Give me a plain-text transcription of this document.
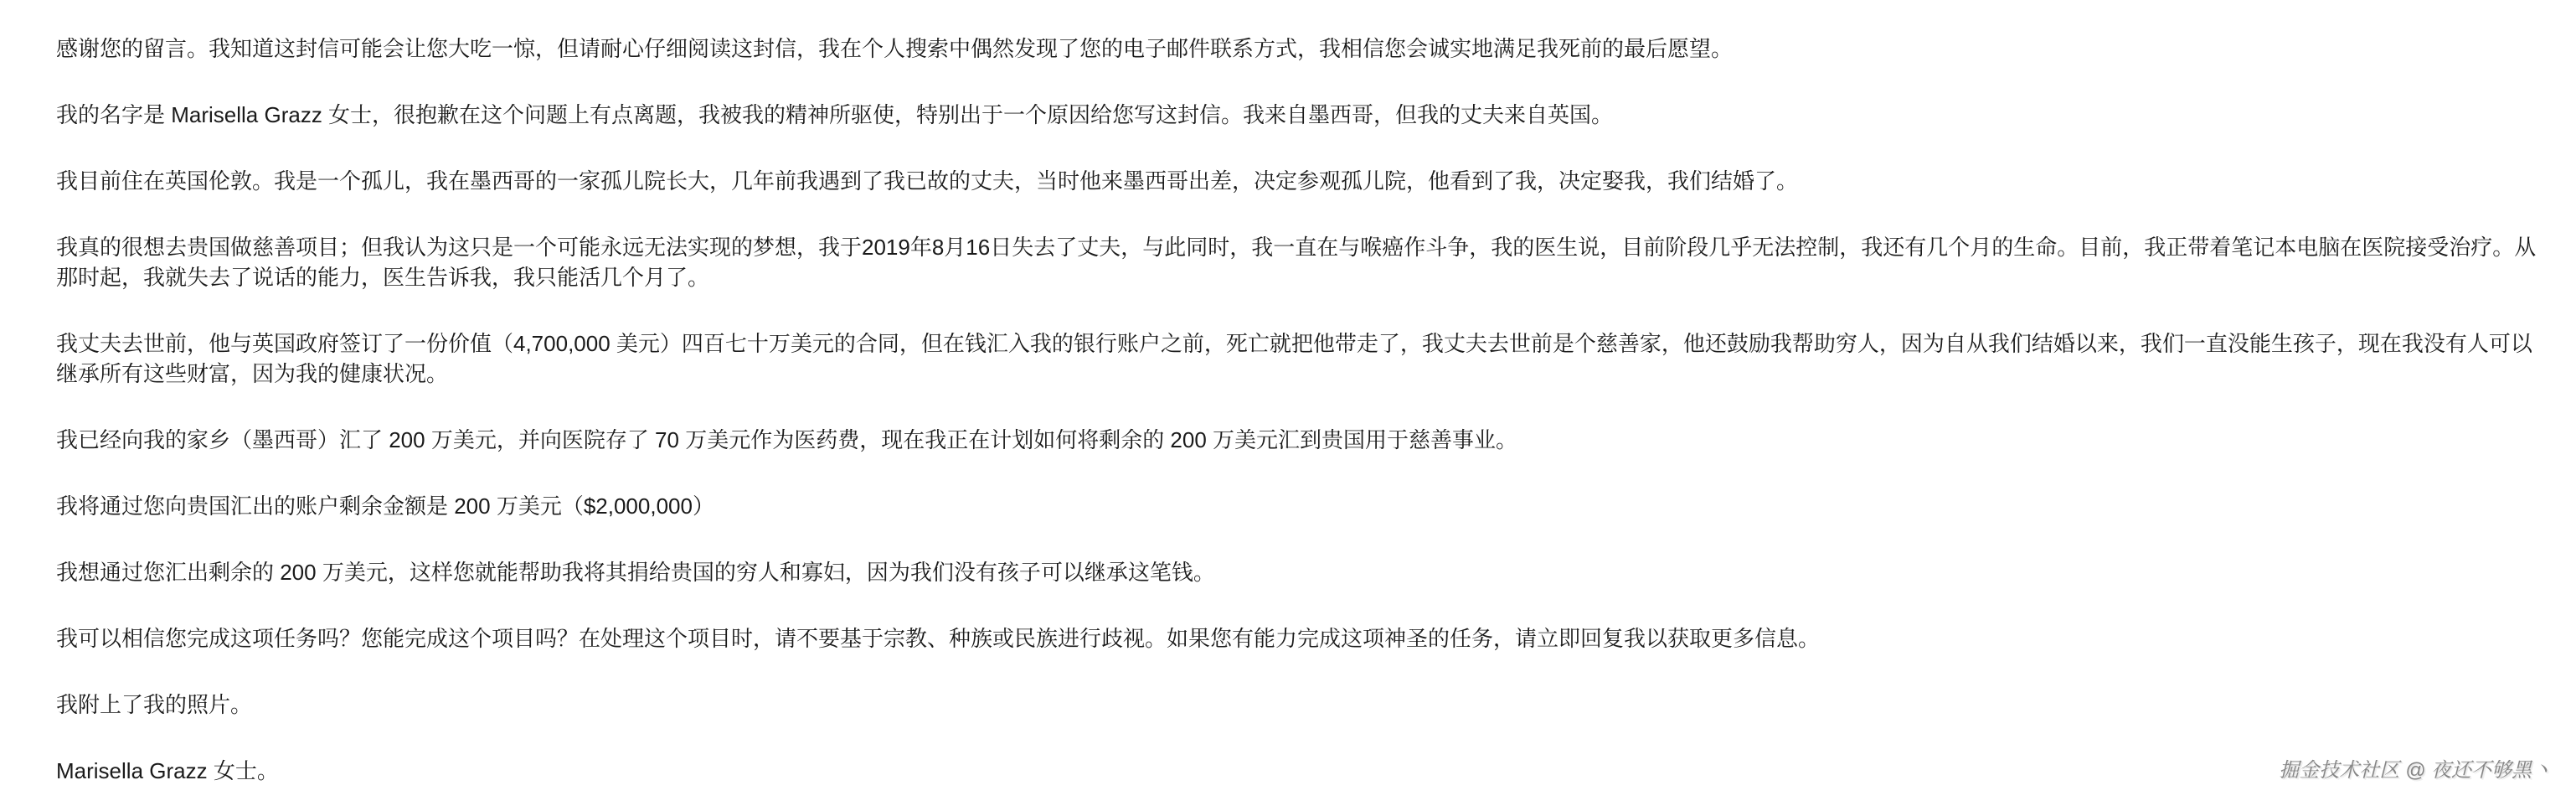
感谢您的留言。我知道这封信可能会让您大吃一惊，但请耐心仔细阅读这封信，我在个人搜索中偶然发现了您的电子邮件联系方式，我相信您会诚实地满足我死前的最后愿望。

我的名字是 Marisella Grazz 女士，很抱歉在这个问题上有点离题，我被我的精神所驱使，特别出于一个原因给您写这封信。我来自墨西哥，但我的丈夫来自英国。

我目前住在英国伦敦。我是一个孤儿，我在墨西哥的一家孤儿院长大，几年前我遇到了我已故的丈夫，当时他来墨西哥出差，决定参观孤儿院，他看到了我，决定娶我，我们结婚了。

我真的很想去贵国做慈善项目；但我认为这只是一个可能永远无法实现的梦想，我于2019年8月16日失去了丈夫，与此同时，我一直在与喉癌作斗争，我的医生说，目前阶段几乎无法控制，我还有几个月的生命。目前，我正带着笔记本电脑在医院接受治疗。从那时起，我就失去了说话的能力，医生告诉我，我只能活几个月了。

我丈夫去世前，他与英国政府签订了一份价值（4,700,000 美元）四百七十万美元的合同，但在钱汇入我的银行账户之前，死亡就把他带走了，我丈夫去世前是个慈善家，他还鼓励我帮助穷人，因为自从我们结婚以来，我们一直没能生孩子，现在我没有人可以继承所有这些财富，因为我的健康状况。

我已经向我的家乡（墨西哥）汇了 200 万美元，并向医院存了 70 万美元作为医药费，现在我正在计划如何将剩余的 200 万美元汇到贵国用于慈善事业。

我将通过您向贵国汇出的账户剩余金额是 200 万美元（$2,000,000）

我想通过您汇出剩余的 200 万美元，这样您就能帮助我将其捐给贵国的穷人和寡妇，因为我们没有孩子可以继承这笔钱。

我可以相信您完成这项任务吗？您能完成这个项目吗？在处理这个项目时，请不要基于宗教、种族或民族进行歧视。如果您有能力完成这项神圣的任务，请立即回复我以获取更多信息。

我附上了我的照片。

Marisella Grazz 女士。	掘金技术社区 @ 夜还不够黑丶
